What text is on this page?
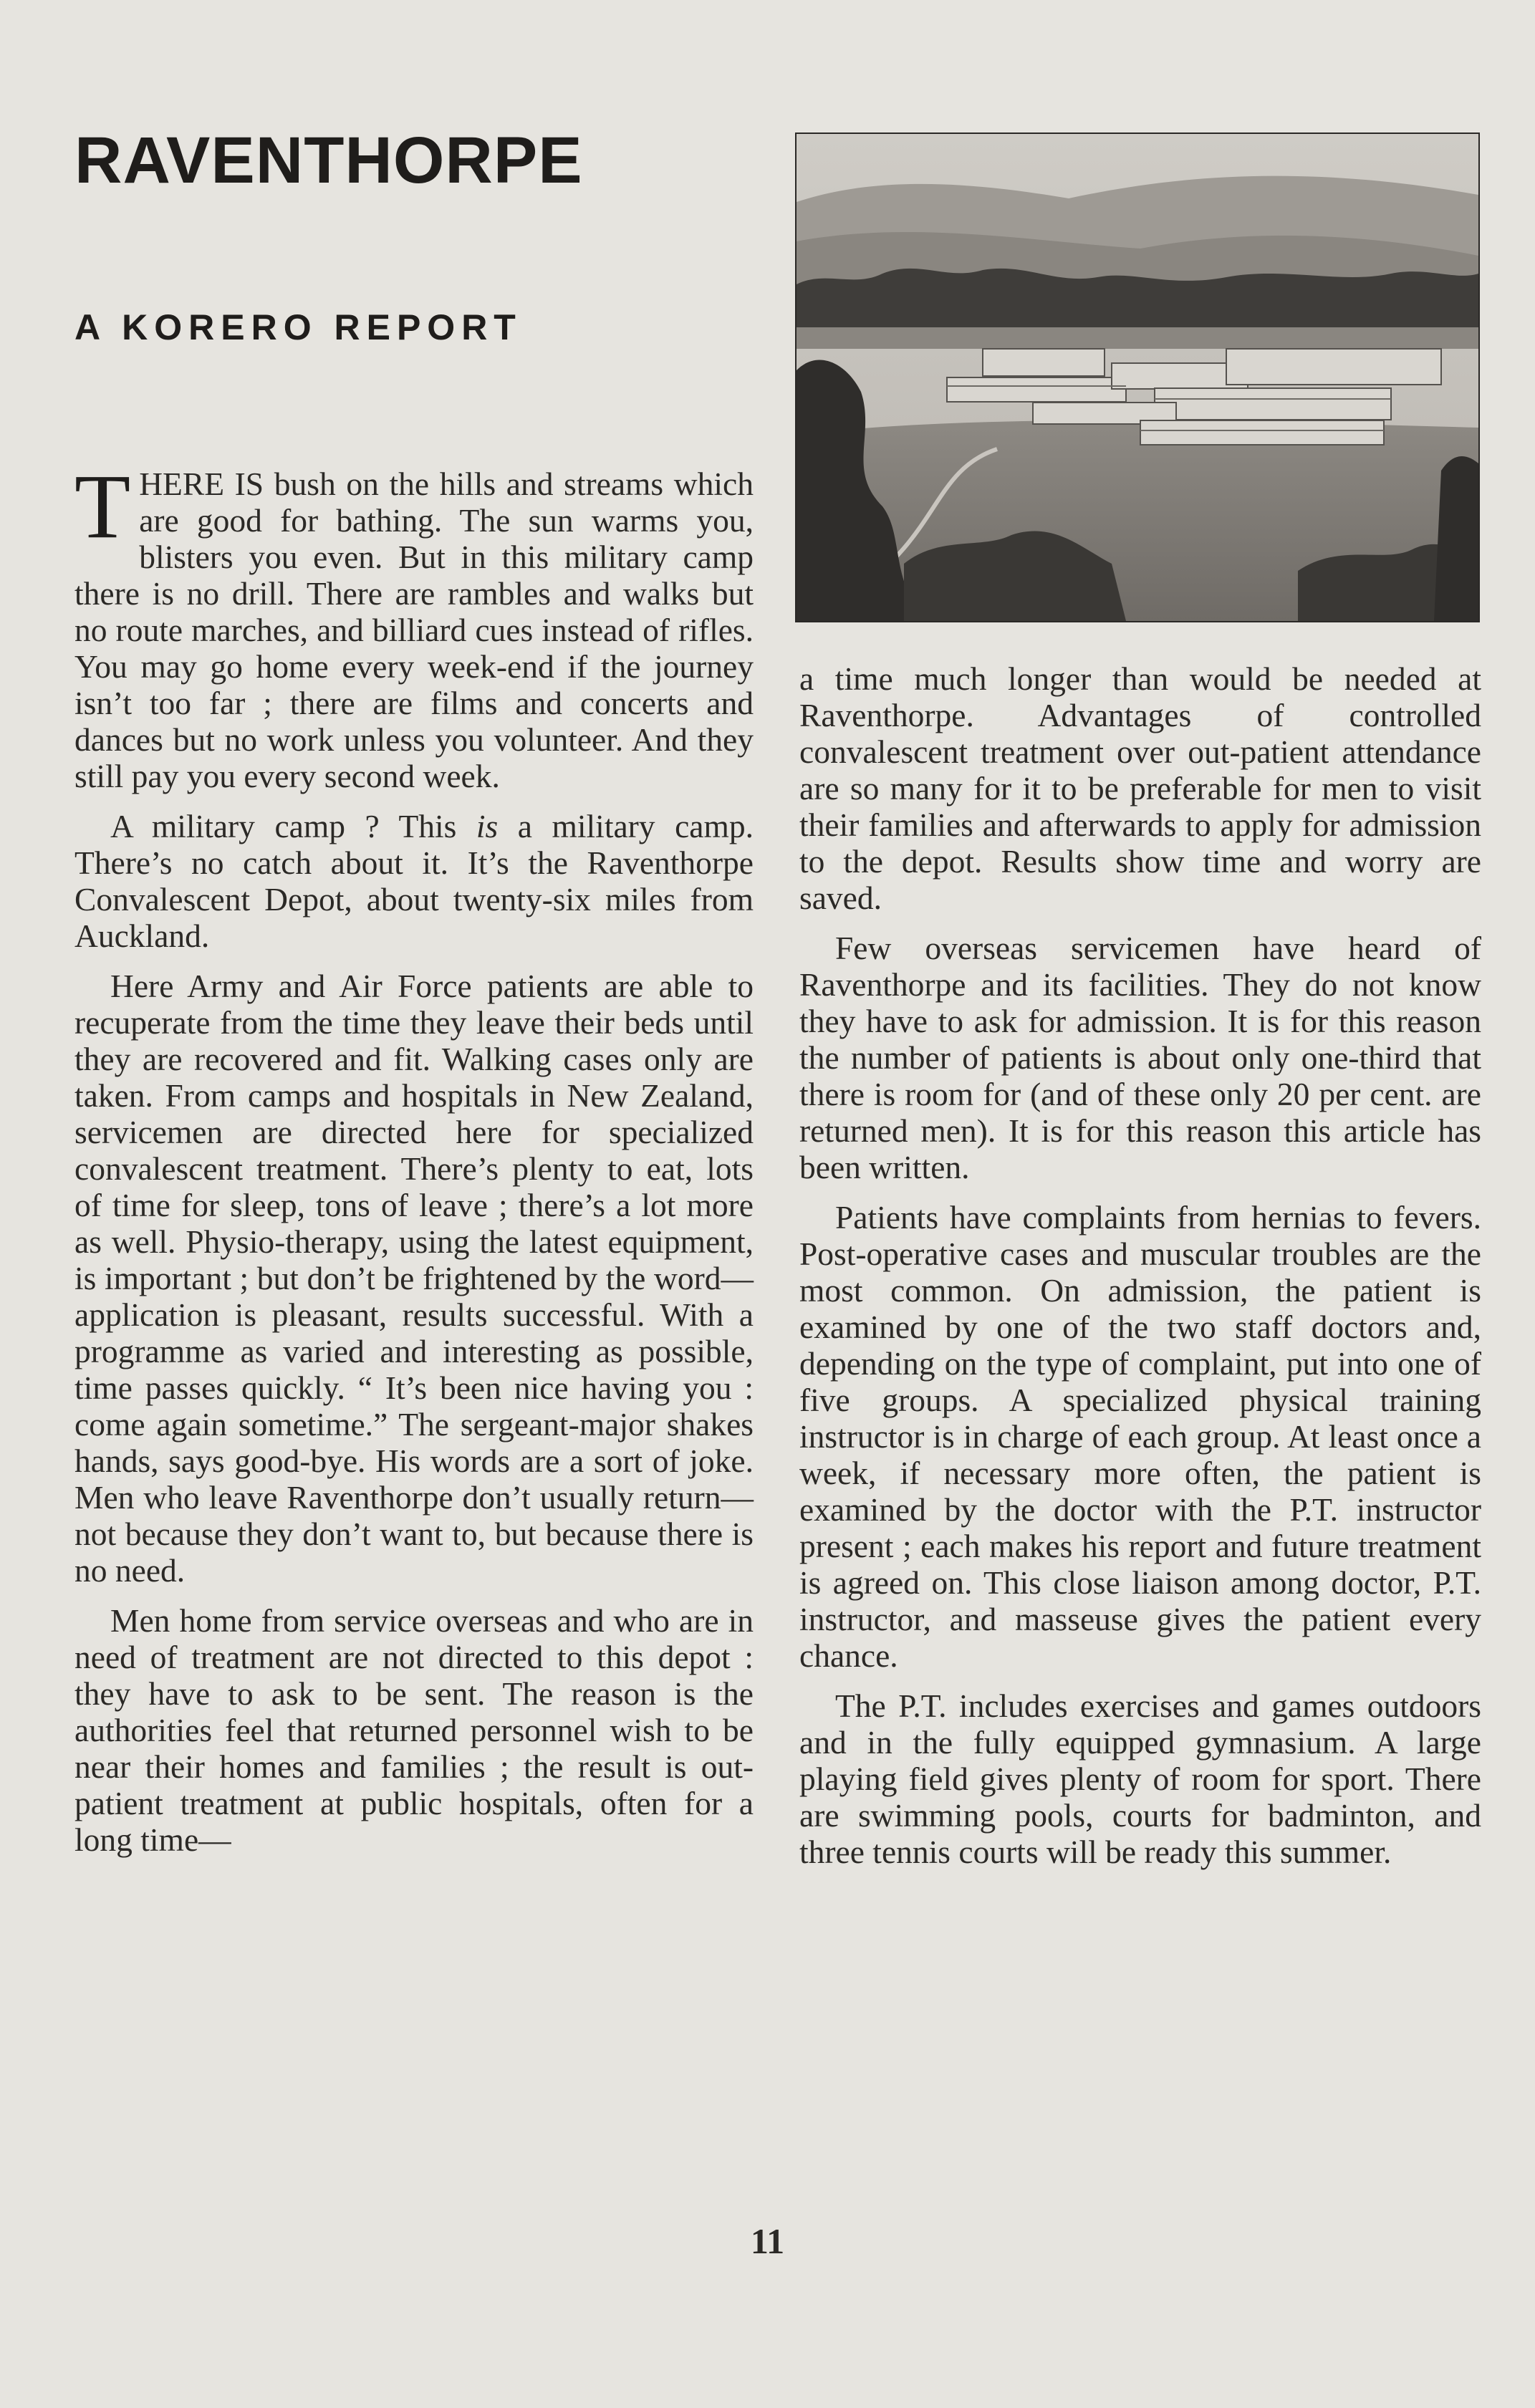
RAVENTHORPE
A KORERO REPORT

THERE IS bush on the hills and streams which are good for bathing. The sun warms you, blisters you even. But in this military camp there is no drill. There are rambles and walks but no route marches, and billiard cues instead of rifles. You may go home every week-end if the journey isn’t too far ; there are films and concerts and dances but no work unless you volunteer. And they still pay you every second week.

A military camp ? This is a military camp. There’s no catch about it. It’s the Raventhorpe Convalescent Depot, about twenty-six miles from Auckland.

Here Army and Air Force patients are able to recuperate from the time they leave their beds until they are recovered and fit. Walking cases only are taken. From camps and hospitals in New Zealand, servicemen are directed here for specialized convalescent treatment. There’s plenty to eat, lots of time for sleep, tons of leave ; there’s a lot more as well. Physio-therapy, using the latest equipment, is important ; but don’t be frightened by the word—application is pleasant, results successful. With a programme as varied and interesting as possible, time passes quickly. “ It’s been nice having you : come again sometime.” The sergeant-major shakes hands, says good-bye. His words are a sort of joke. Men who leave Raventhorpe don’t usually return—not because they don’t want to, but because there is no need.

Men home from service overseas and who are in need of treatment are not directed to this depot : they have to ask to be sent. The reason is the authorities feel that returned personnel wish to be near their homes and families ; the result is out-patient treatment at public hospitals, often for a long time—

a time much longer than would be needed at Raventhorpe. Advantages of controlled convalescent treatment over out-patient attendance are so many for it to be preferable for men to visit their families and afterwards to apply for admission to the depot. Results show time and worry are saved.

Few overseas servicemen have heard of Raventhorpe and its facilities. They do not know they have to ask for admission. It is for this reason the number of patients is about only one-third that there is room for (and of these only 20 per cent. are returned men). It is for this reason this article has been written.

Patients have complaints from hernias to fevers. Post-operative cases and muscular troubles are the most common. On admission, the patient is examined by one of the two staff doctors and, depending on the type of complaint, put into one of five groups. A specialized physical training instructor is in charge of each group. At least once a week, if necessary more often, the patient is examined by the doctor with the P.T. instructor present ; each makes his report and future treatment is agreed on. This close liaison among doctor, P.T. instructor, and masseuse gives the patient every chance.

The P.T. includes exercises and games outdoors and in the fully equipped gymnasium. A large playing field gives plenty of room for sport. There are swimming pools, courts for badminton, and three tennis courts will be ready this summer.

11
